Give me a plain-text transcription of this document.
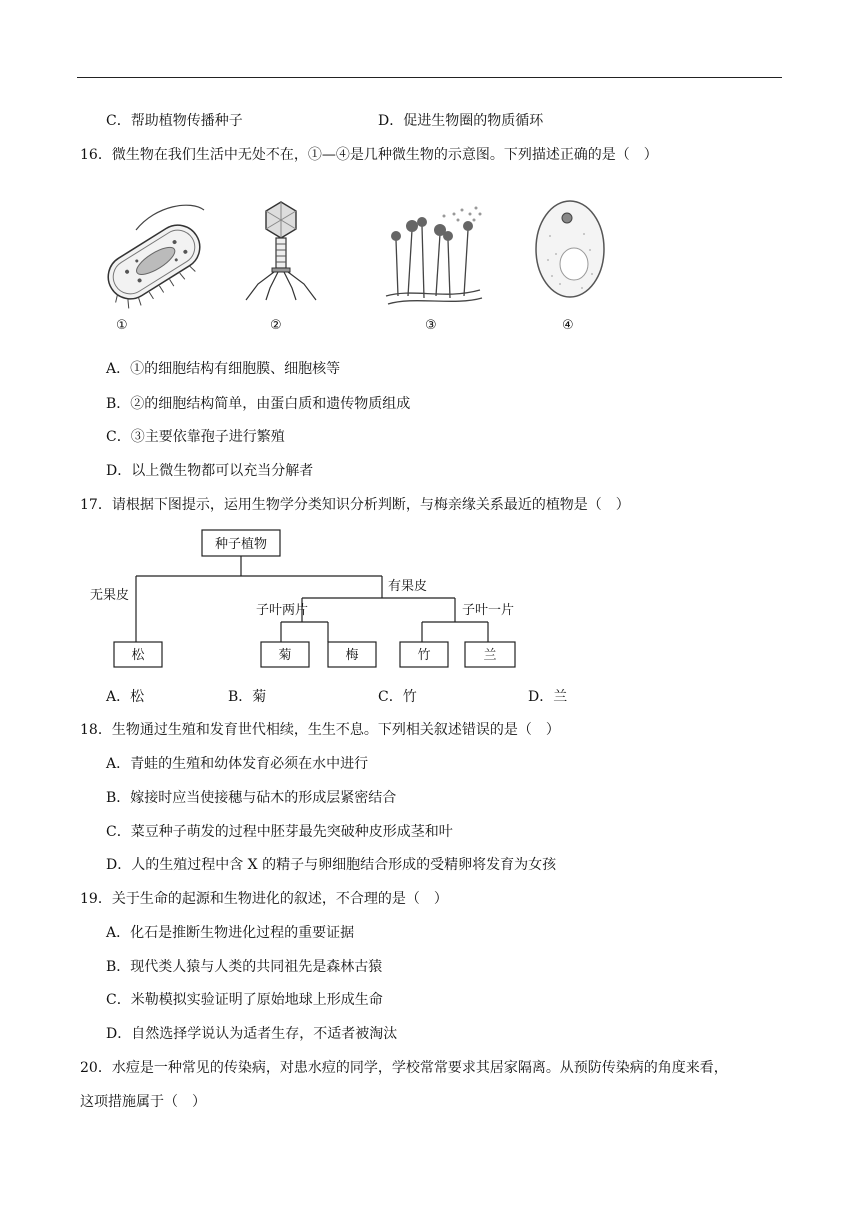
C．帮助植物传播种子	D．促进生物圈的物质循环
16．微生物在我们生活中无处不在，①—④是几种微生物的示意图。下列描述正确的是（　）
①	②	③	④
A．①的细胞结构有细胞膜、细胞核等
B．②的细胞结构简单，由蛋白质和遗传物质组成
C．③主要依靠孢子进行繁殖
D．以上微生物都可以充当分解者
17．请根据下图提示，运用生物学分类知识分析判断，与梅亲缘关系最近的植物是（　）
种子植物
无果皮
有果皮
子叶两片	子叶一片
松	菊	梅	竹	兰
A．松	B．菊	C．竹	D．兰
18．生物通过生殖和发育世代相续，生生不息。下列相关叙述错误的是（　）
A．青蛙的生殖和幼体发育必须在水中进行
B．嫁接时应当使接穗与砧木的形成层紧密结合
C．菜豆种子萌发的过程中胚芽最先突破种皮形成茎和叶
D．人的生殖过程中含 X 的精子与卵细胞结合形成的受精卵将发育为女孩
19．关于生命的起源和生物进化的叙述，不合理的是（　）
A．化石是推断生物进化过程的重要证据
B．现代类人猿与人类的共同祖先是森林古猿
C．米勒模拟实验证明了原始地球上形成生命
D．自然选择学说认为适者生存，不适者被淘汰
20．水痘是一种常见的传染病，对患水痘的同学，学校常常要求其居家隔离。从预防传染病的角度来看，
这项措施属于（　）
